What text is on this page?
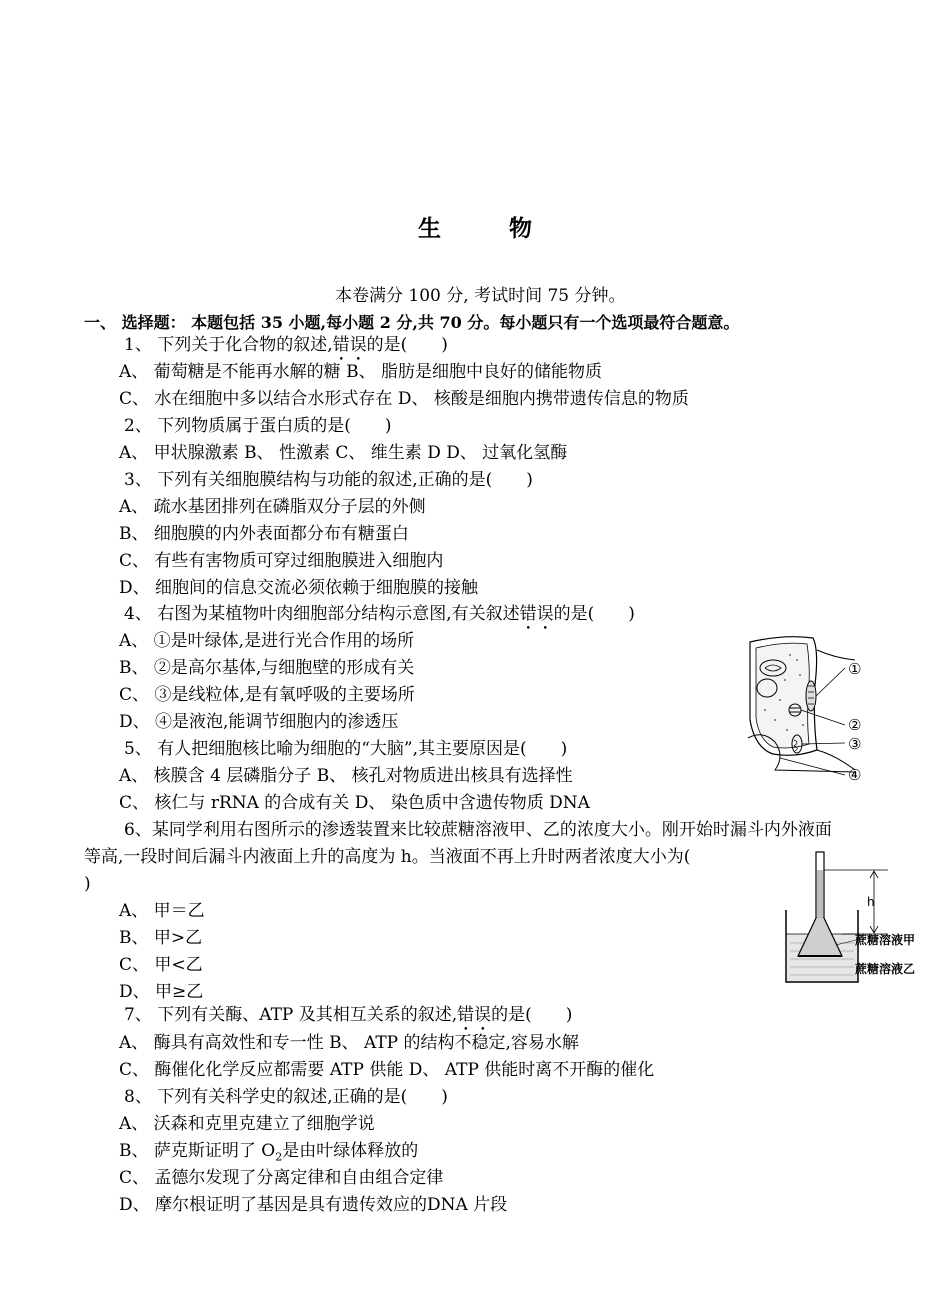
生 物
本卷满分 100 分, 考试时间 75 分钟。
一、 选择题： 本题包括 35 小题,每小题 2 分,共 70 分。每小题只有一个选项最符合题意。
1、 下列关于化合物的叙述,错误的是(　　)
A、 葡萄糖是不能再水解的糖 B、 脂肪是细胞中良好的储能物质
C、 水在细胞中多以结合水形式存在 D、 核酸是细胞内携带遗传信息的物质
2、 下列物质属于蛋白质的是(　　)
A、 甲状腺激素 B、 性激素 C、 维生素 D D、 过氧化氢酶
3、 下列有关细胞膜结构与功能的叙述,正确的是(　　)
A、 疏水基团排列在磷脂双分子层的外侧
B、 细胞膜的内外表面都分布有糖蛋白
C、 有些有害物质可穿过细胞膜进入细胞内
D、 细胞间的信息交流必须依赖于细胞膜的接触
4、 右图为某植物叶肉细胞部分结构示意图,有关叙述错误的是(　　)
A、 ①是叶绿体,是进行光合作用的场所
B、 ②是高尔基体,与细胞壁的形成有关
C、 ③是线粒体,是有氧呼吸的主要场所
D、 ④是液泡,能调节细胞内的渗透压
①
②
③
④
5、 有人把细胞核比喻为细胞的“大脑”,其主要原因是(　　)
A、 核膜含 4 层磷脂分子 B、 核孔对物质进出核具有选择性
C、 核仁与 rRNA 的合成有关 D、 染色质中含遗传物质 DNA
6、某同学利用右图所示的渗透装置来比较蔗糖溶液甲、乙的浓度大小。刚开始时漏斗内外液面
等高,一段时间后漏斗内液面上升的高度为 h。当液面不再上升时两者浓度大小为(
)
A、 甲＝乙
B、 甲>乙
C、 甲<乙
D、 甲≥乙
h
蔗糖溶液甲
蔗糖溶液乙
7、 下列有关酶、ATP 及其相互关系的叙述,错误的是(　　)
A、 酶具有高效性和专一性 B、 ATP 的结构不稳定,容易水解
C、 酶催化化学反应都需要 ATP 供能 D、 ATP 供能时离不开酶的催化
8、 下列有关科学史的叙述,正确的是(　　)
A、 沃森和克里克建立了细胞学说
B、 萨克斯证明了 $O_2$是由叶绿体释放的
C、 孟德尔发现了分离定律和自由组合定律
D、 摩尔根证明了基因是具有遗传效应的DNA 片段
